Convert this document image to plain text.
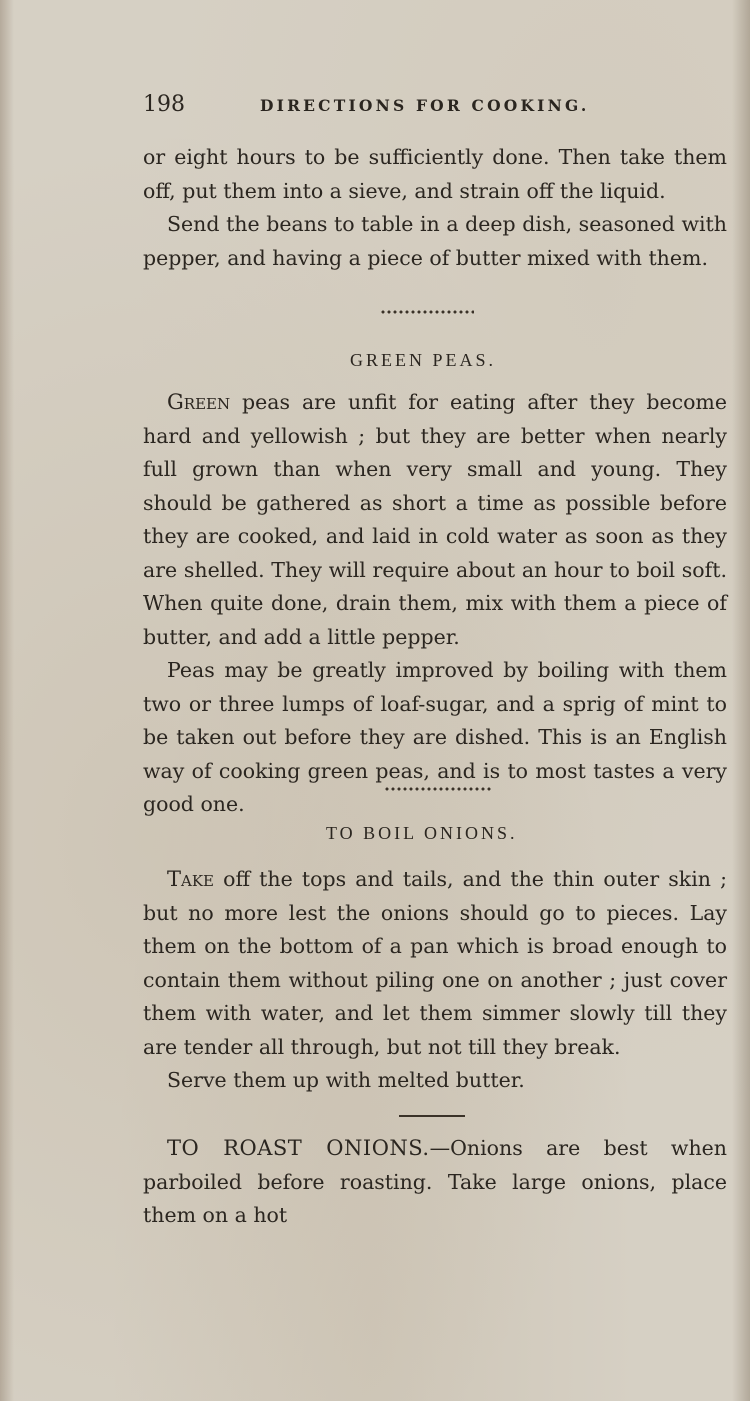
198	DIRECTIONS FOR COOKING.

or eight hours to be sufficiently done. Then take them off, put them into a sieve, and strain off the liquid.

Send the beans to table in a deep dish, seasoned with pepper, and having a piece of butter mixed with them.

GREEN PEAS.

Green peas are unfit for eating after they become hard and yellowish ; but they are better when nearly full grown than when very small and young. They should be gathered as short a time as possible before they are cooked, and laid in cold water as soon as they are shelled. They will require about an hour to boil soft. When quite done, drain them, mix with them a piece of butter, and add a little pepper.

Peas may be greatly improved by boiling with them two or three lumps of loaf-sugar, and a sprig of mint to be taken out before they are dished. This is an English way of cooking green peas, and is to most tastes a very good one.

TO BOIL ONIONS.

Take off the tops and tails, and the thin outer skin ; but no more lest the onions should go to pieces. Lay them on the bottom of a pan which is broad enough to contain them without piling one on another ; just cover them with water, and let them simmer slowly till they are tender all through, but not till they break.

Serve them up with melted butter.

TO ROAST ONIONS.—Onions are best when parboiled before roasting. Take large onions, place them on a hot
